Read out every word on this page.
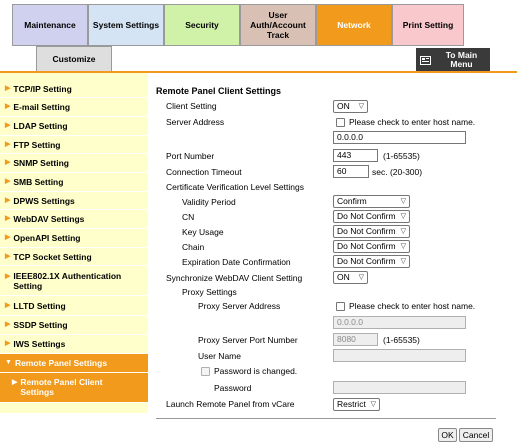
Maintenance	System Settings	Security
User Auth/Account Track
Network	Print Setting
Customize	To Main Menu
▶ TCP/IP Setting
▶ E-mail Setting
▶ LDAP Setting
▶ FTP Setting
▶ SNMP Setting
▶ SMB Setting
▶ DPWS Settings
▶ WebDAV Settings
▶ OpenAPI Setting
▶ TCP Socket Setting
▶ IEEE802.1X Authentication Setting
▶ LLTD Setting
▶ SSDP Setting
▶ IWS Settings
▼ Remote Panel Settings
▶ Remote Panel Client Settings
Remote Panel Client Settings
Client Setting	ON ▽
Server Address	Please check to enter host name.
0.0.0.0
Port Number	443	(1-65535)
Connection Timeout	60	sec. (20-300)
Certificate Verification Level Settings
Validity Period	Confirm	▽
CN	Do Not Confirm ▽
Key Usage	Do Not Confirm ▽
Chain	Do Not Confirm ▽
Expiration Date Confirmation	Do Not Confirm ▽
Synchronize WebDAV Client Setting	ON ▽
Proxy Settings
Proxy Server Address	Please check to enter host name.
0.0.0.0
Proxy Server Port Number	8080	(1-65535)
User Name
Password is changed.
Password
Launch Remote Panel from vCare	Restrict ▽
OK	Cancel
